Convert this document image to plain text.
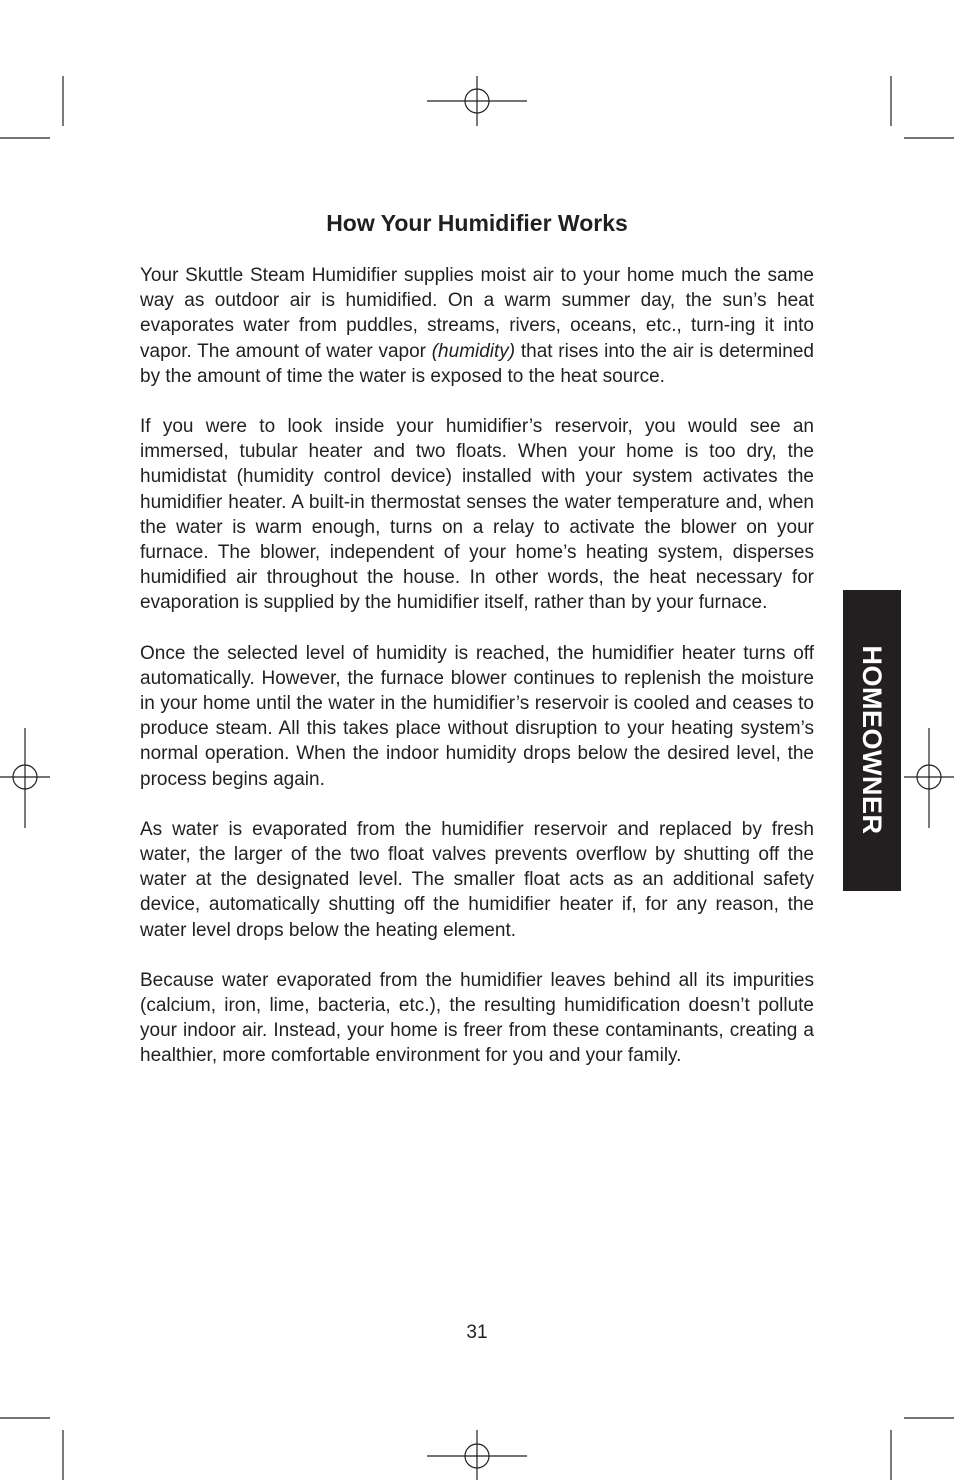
How Your Humidifier Works

Your Skuttle Steam Humidifier supplies moist air to your home much the same way as outdoor air is humidified. On a warm summer day, the sun’s heat evaporates water from puddles, streams, rivers, oceans, etc., turn-ing it into vapor. The amount of water vapor (humidity) that rises into the air is determined by the amount of time the water is exposed to the heat source.

If you were to look inside your humidifier’s reservoir, you would see an immersed, tubular heater and two floats. When your home is too dry, the humidistat (humidity control device) installed with your system activates the humidifier heater. A built-in thermostat senses the water temperature and, when the water is warm enough, turns on a relay to activate the blower on your furnace. The blower, independent of your home’s heating system, disperses humidified air throughout the house. In other words, the heat necessary for evaporation is supplied by the humidifier itself, rather than by your furnace.

Once the selected level of humidity is reached, the humidifier heater turns off automatically. However, the furnace blower continues to replenish the moisture in your home until the water in the humidifier’s reservoir is cooled and ceases to produce steam. All this takes place without disruption to your heating system’s normal operation. When the indoor humidity drops below the desired level, the process begins again.

As water is evaporated from the humidifier reservoir and replaced by fresh water, the larger of the two float valves prevents overflow by shutting off the water at the designated level. The smaller float acts as an additional safety device, automatically shutting off the humidifier heater if, for any reason, the water level drops below the heating element.

Because water evaporated from the humidifier leaves behind all its impurities (calcium, iron, lime, bacteria, etc.), the resulting humidification doesn’t pollute your indoor air. Instead, your home is freer from these contaminants, creating a healthier, more comfortable environment for you and your family.

31
HOMEOWNER
